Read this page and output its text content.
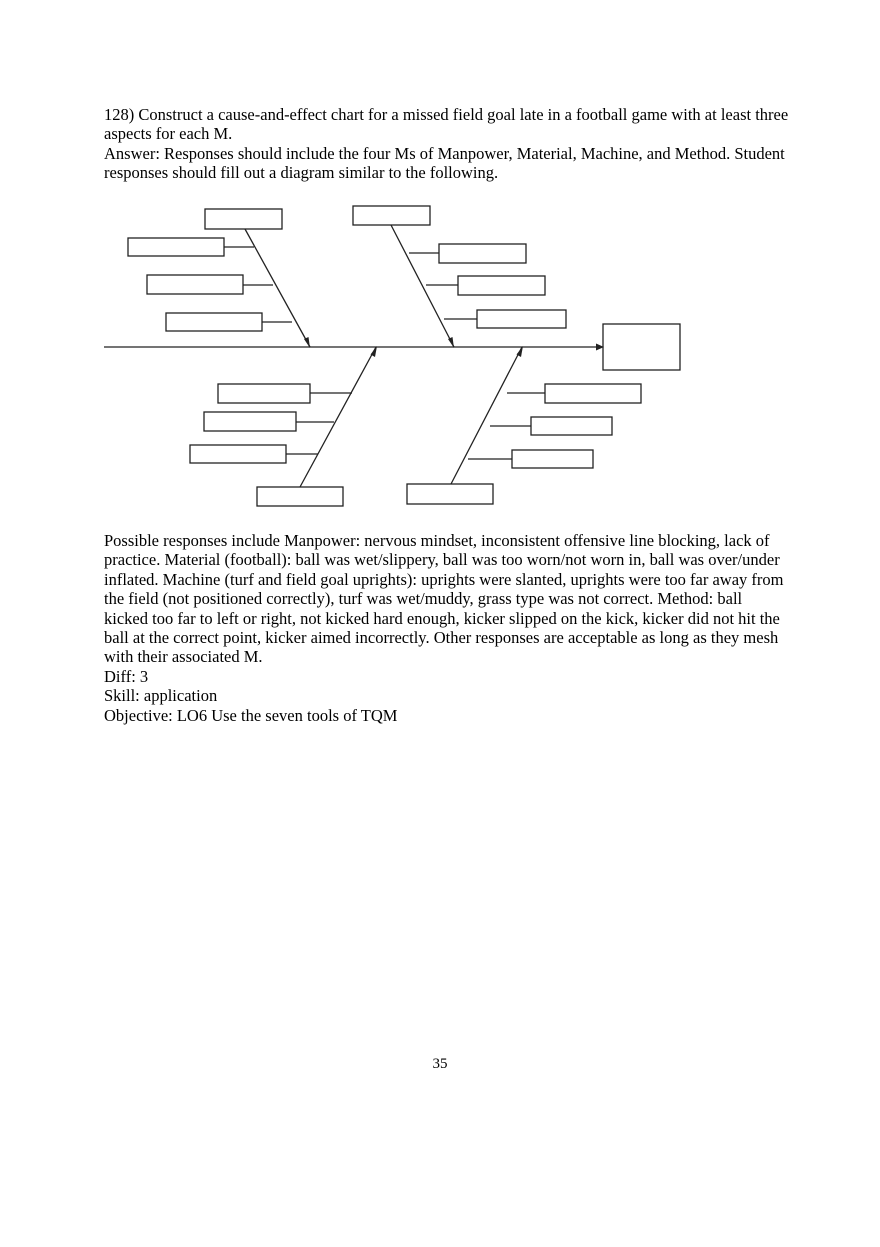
128) Construct a cause-and-effect chart for a missed field goal late in a football game with at least three aspects for each M.

Answer: Responses should include the four Ms of Manpower, Material, Machine, and Method. Student responses should fill out a diagram similar to the following.

Possible responses include Manpower: nervous mindset, inconsistent offensive line blocking, lack of practice. Material (football): ball was wet/slippery, ball was too worn/not worn in, ball was over/under inflated. Machine (turf and field goal uprights): uprights were slanted, uprights were too far away from the field (not positioned correctly), turf was wet/muddy, grass type was not correct. Method: ball kicked too far to left or right, not kicked hard enough, kicker slipped on the kick, kicker did not hit the ball at the correct point, kicker aimed incorrectly. Other responses are acceptable as long as they mesh with their associated M.

Diff: 3

Skill: application

Objective: LO6 Use the seven tools of TQM

35
